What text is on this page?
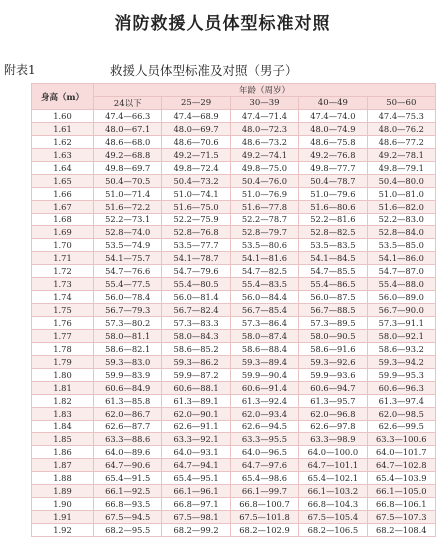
消防救援人员体型标准对照
附表1	救援人员体型标准及对照（男子）
身高（m）	年龄（周岁）				
	24以下	25—29	30—39	40—49	50—60
1.60	47.4—66.3	47.4—68.9	47.4—71.4	47.4—74.0	47.4—75.3
1.61	48.0—67.1	48.0—69.7	48.0—72.3	48.0—74.9	48.0—76.2
1.62	48.6—68.0	48.6—70.6	48.6—73.2	48.6—75.8	48.6—77.2
1.63	49.2—68.8	49.2—71.5	49.2—74.1	49.2—76.8	49.2—78.1
1.64	49.8—69.7	49.8—72.4	49.8—75.0	49.8—77.7	49.8—79.1
1.65	50.4—70.5	50.4—73.2	50.4—76.0	50.4—78.7	50.4—80.0
1.66	51.0—71.4	51.0—74.1	51.0—76.9	51.0—79.6	51.0—81.0
1.67	51.6—72.2	51.6—75.0	51.6—77.8	51.6—80.6	51.6—82.0
1.68	52.2—73.1	52.2—75.9	52.2—78.7	52.2—81.6	52.2—83.0
1.69	52.8—74.0	52.8—76.8	52.8—79.7	52.8—82.5	52.8—84.0
1.70	53.5—74.9	53.5—77.7	53.5—80.6	53.5—83.5	53.5—85.0
1.71	54.1—75.7	54.1—78.7	54.1—81.6	54.1—84.5	54.1—86.0
1.72	54.7—76.6	54.7—79.6	54.7—82.5	54.7—85.5	54.7—87.0
1.73	55.4—77.5	55.4—80.5	55.4—83.5	55.4—86.5	55.4—88.0
1.74	56.0—78.4	56.0—81.4	56.0—84.4	56.0—87.5	56.0—89.0
1.75	56.7—79.3	56.7—82.4	56.7—85.4	56.7—88.5	56.7—90.0
1.76	57.3—80.2	57.3—83.3	57.3—86.4	57.3—89.5	57.3—91.1
1.77	58.0—81.1	58.0—84.3	58.0—87.4	58.0—90.5	58.0—92.1
1.78	58.6—82.1	58.6—85.2	58.6—88.4	58.6—91.6	58.6—93.2
1.79	59.3—83.0	59.3—86.2	59.3—89.4	59.3—92.6	59.3—94.2
1.80	59.9—83.9	59.9—87.2	59.9—90.4	59.9—93.6	59.9—95.3
1.81	60.6—84.9	60.6—88.1	60.6—91.4	60.6—94.7	60.6—96.3
1.82	61.3—85.8	61.3—89.1	61.3—92.4	61.3—95.7	61.3—97.4
1.83	62.0—86.7	62.0—90.1	62.0—93.4	62.0—96.8	62.0—98.5
1.84	62.6—87.7	62.6—91.1	62.6—94.5	62.6—97.8	62.6—99.5
1.85	63.3—88.6	63.3—92.1	63.3—95.5	63.3—98.9	63.3—100.6
1.86	64.0—89.6	64.0—93.1	64.0—96.5	64.0—100.0	64.0—101.7
1.87	64.7—90.6	64.7—94.1	64.7—97.6	64.7—101.1	64.7—102.8
1.88	65.4—91.5	65.4—95.1	65.4—98.6	65.4—102.1	65.4—103.9
1.89	66.1—92.5	66.1—96.1	66.1—99.7	66.1—103.2	66.1—105.0
1.90	66.8—93.5	66.8—97.1	66.8—100.7	66.8—104.3	66.8—106.1
1.91	67.5—94.5	67.5—98.1	67.5—101.8	67.5—105.4	67.5—107.3
1.92	68.2—95.5	68.2—99.2	68.2—102.9	68.2—106.5	68.2—108.4
